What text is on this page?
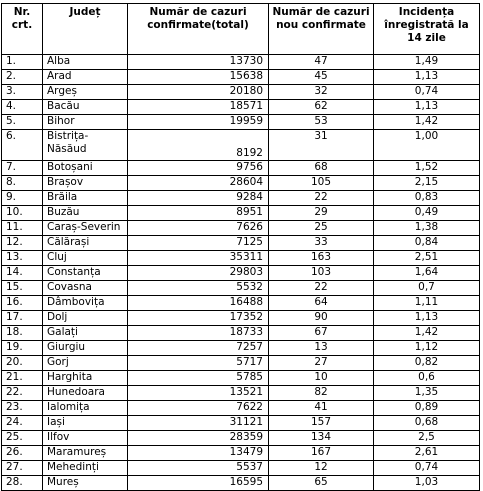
Nr. crt.	Județ	Număr de cazuri confirmate(total)	Număr de cazuri nou confirmate	Incidența înregistrată la 14 zile
1.	Alba	13730	47	1,49
2.	Arad	15638	45	1,13
3.	Argeș	20180	32	0,74
4.	Bacău	18571	62	1,13
5.	Bihor	19959	53	1,42
6.	Bistrița-Năsăud	8192	31	1,00
7.	Botoșani	9756	68	1,52
8.	Brașov	28604	105	2,15
9.	Brăila	9284	22	0,83
10.	Buzău	8951	29	0,49
11.	Caraș-Severin	7626	25	1,38
12.	Călărași	7125	33	0,84
13.	Cluj	35311	163	2,51
14.	Constanța	29803	103	1,64
15.	Covasna	5532	22	0,7
16.	Dâmbovița	16488	64	1,11
17.	Dolj	17352	90	1,13
18.	Galați	18733	67	1,42
19.	Giurgiu	7257	13	1,12
20.	Gorj	5717	27	0,82
21.	Harghita	5785	10	0,6
22.	Hunedoara	13521	82	1,35
23.	Ialomița	7622	41	0,89
24.	Iași	31121	157	0,68
25.	Ilfov	28359	134	2,5
26.	Maramureș	13479	167	2,61
27.	Mehedinți	5537	12	0,74
28.	Mureș	16595	65	1,03
